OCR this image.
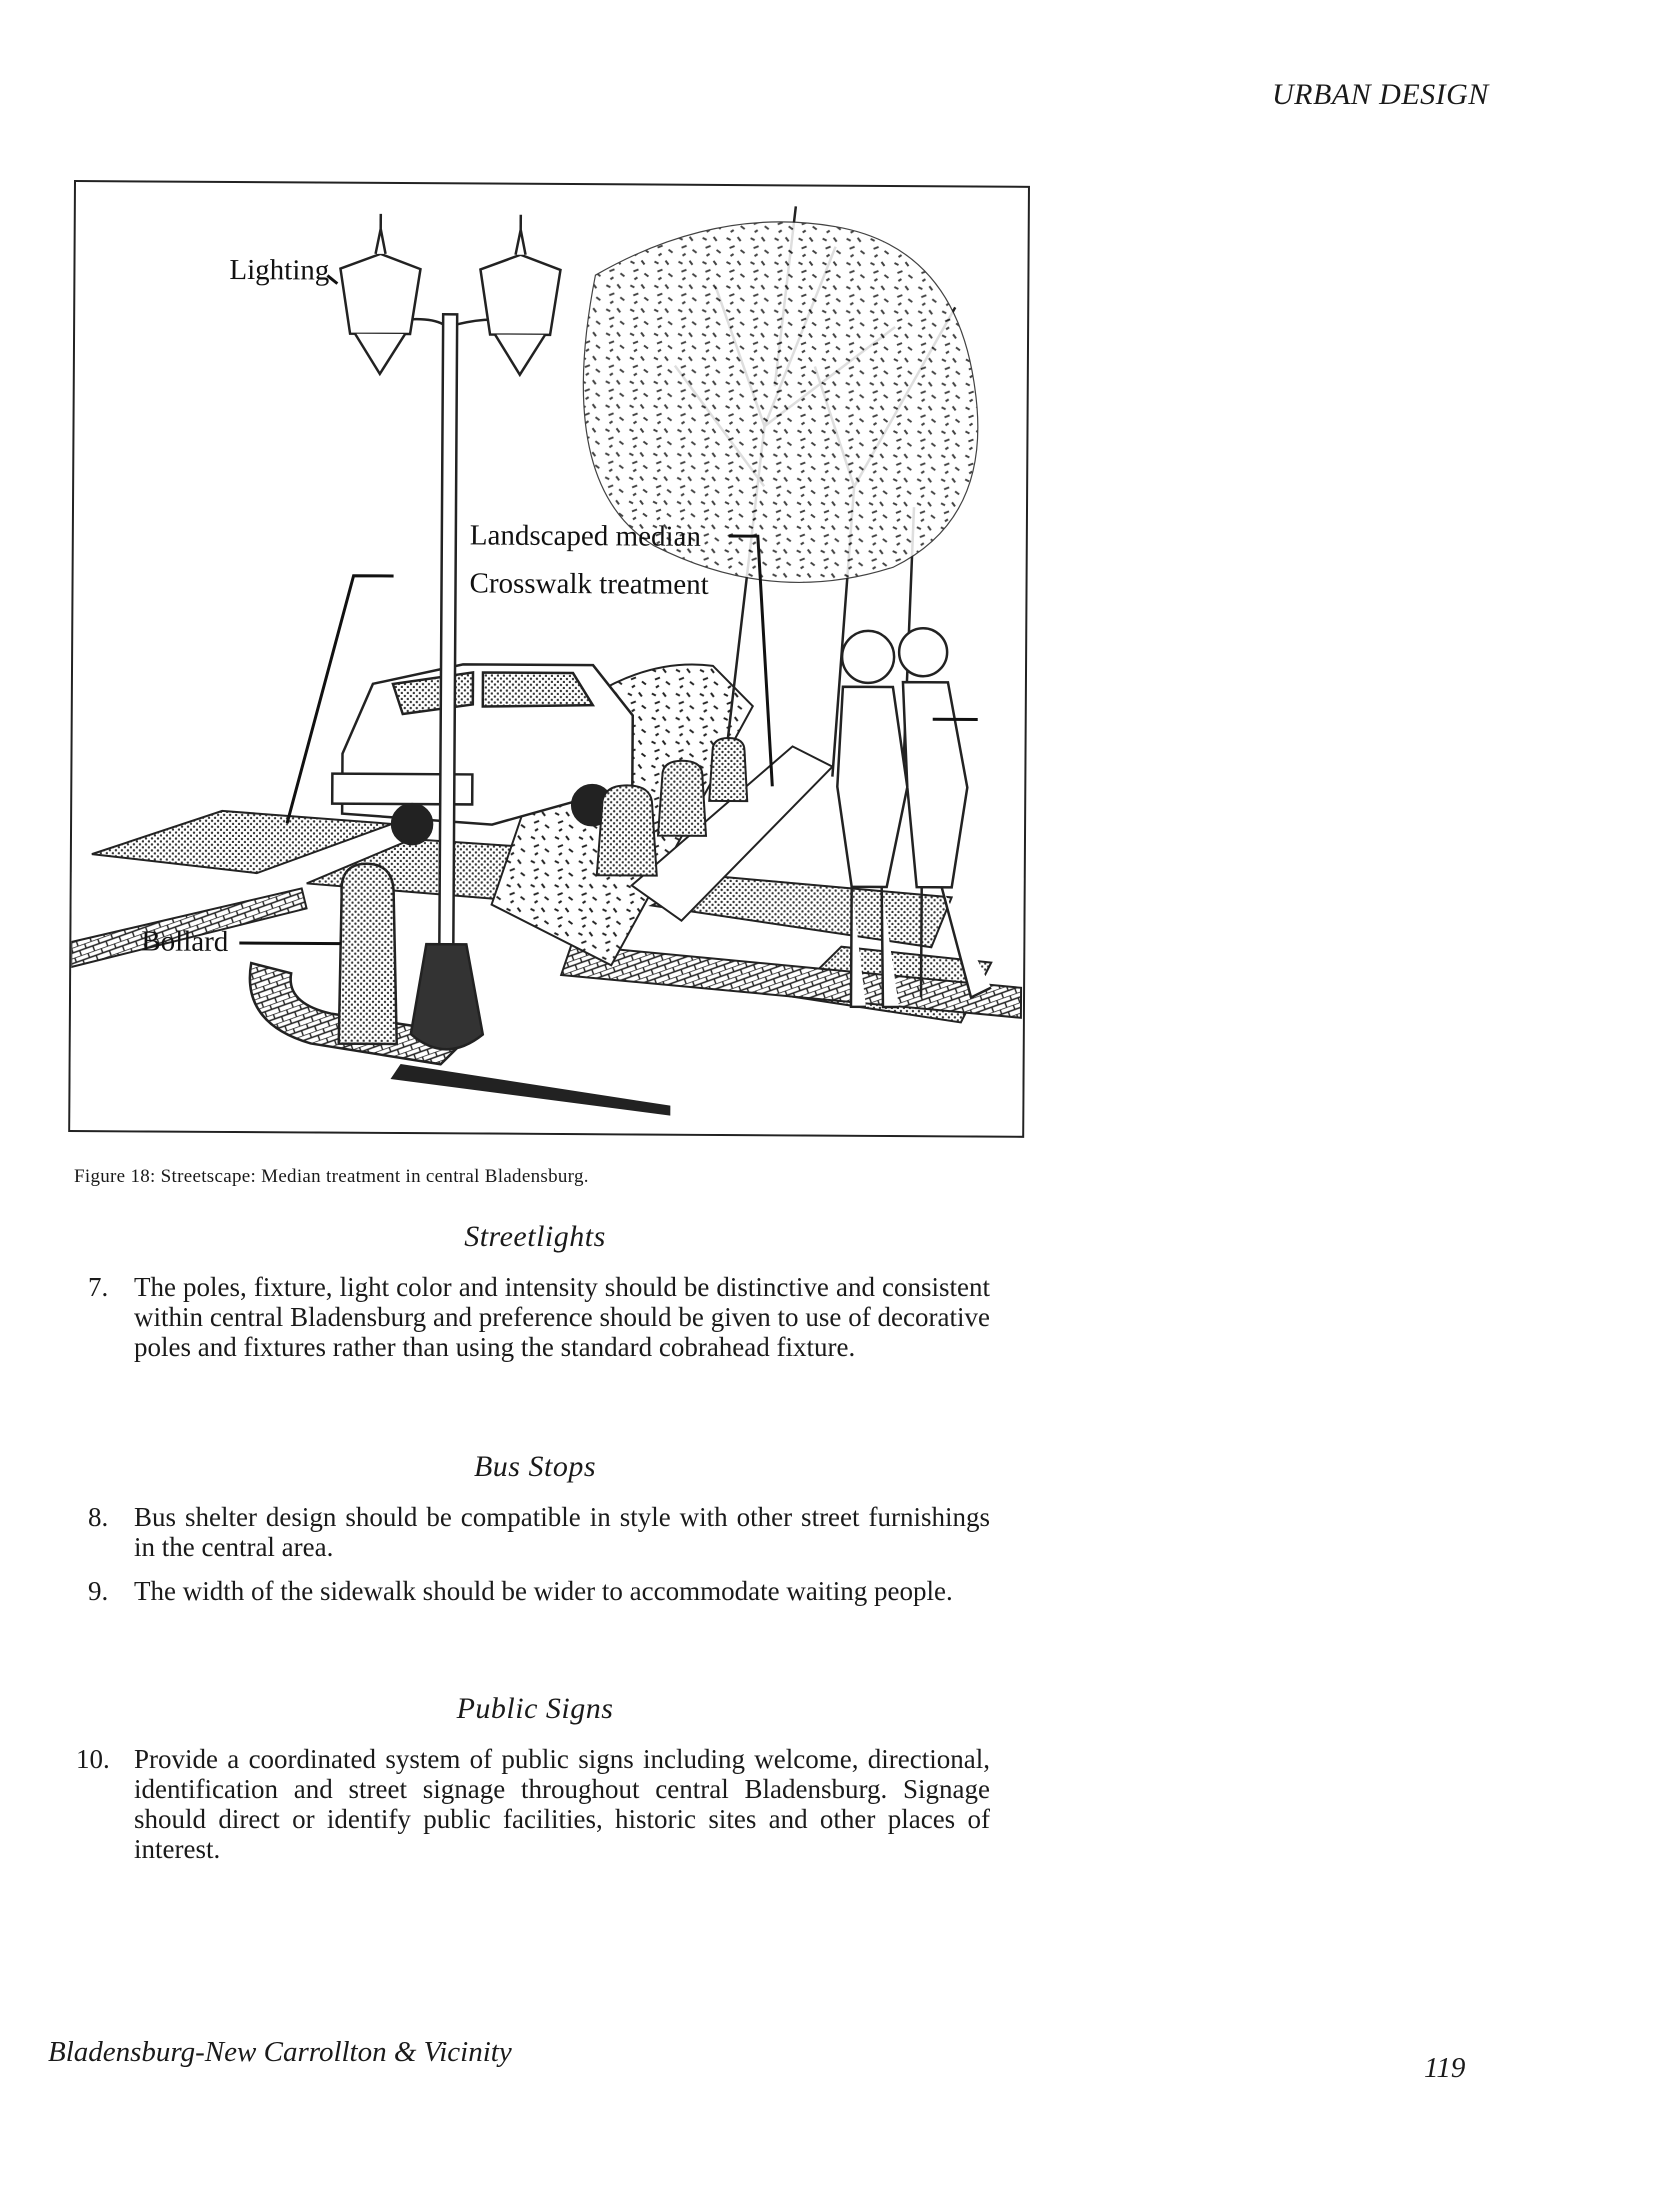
URBAN DESIGN
Lighting
Landscaped median
Crosswalk treatment
Bollard
Figure 18: Streetscape: Median treatment in central Bladensburg.
Streetlights
7. The poles, fixture, light color and intensity should be distinctive and consistent within central Bladensburg and preference should be given to use of decorative poles and fixtures rather than using the standard cobrahead fixture.
Bus Stops
8. Bus shelter design should be compatible in style with other street furnishings in the central area.
9. The width of the sidewalk should be wider to accommodate waiting people.
Public Signs
10. Provide a coordinated system of public signs including welcome, directional, identification and street signage throughout central Bladensburg. Signage should direct or identify public facilities, historic sites and other places of interest.
Bladensburg-New Carrollton & Vicinity	119
